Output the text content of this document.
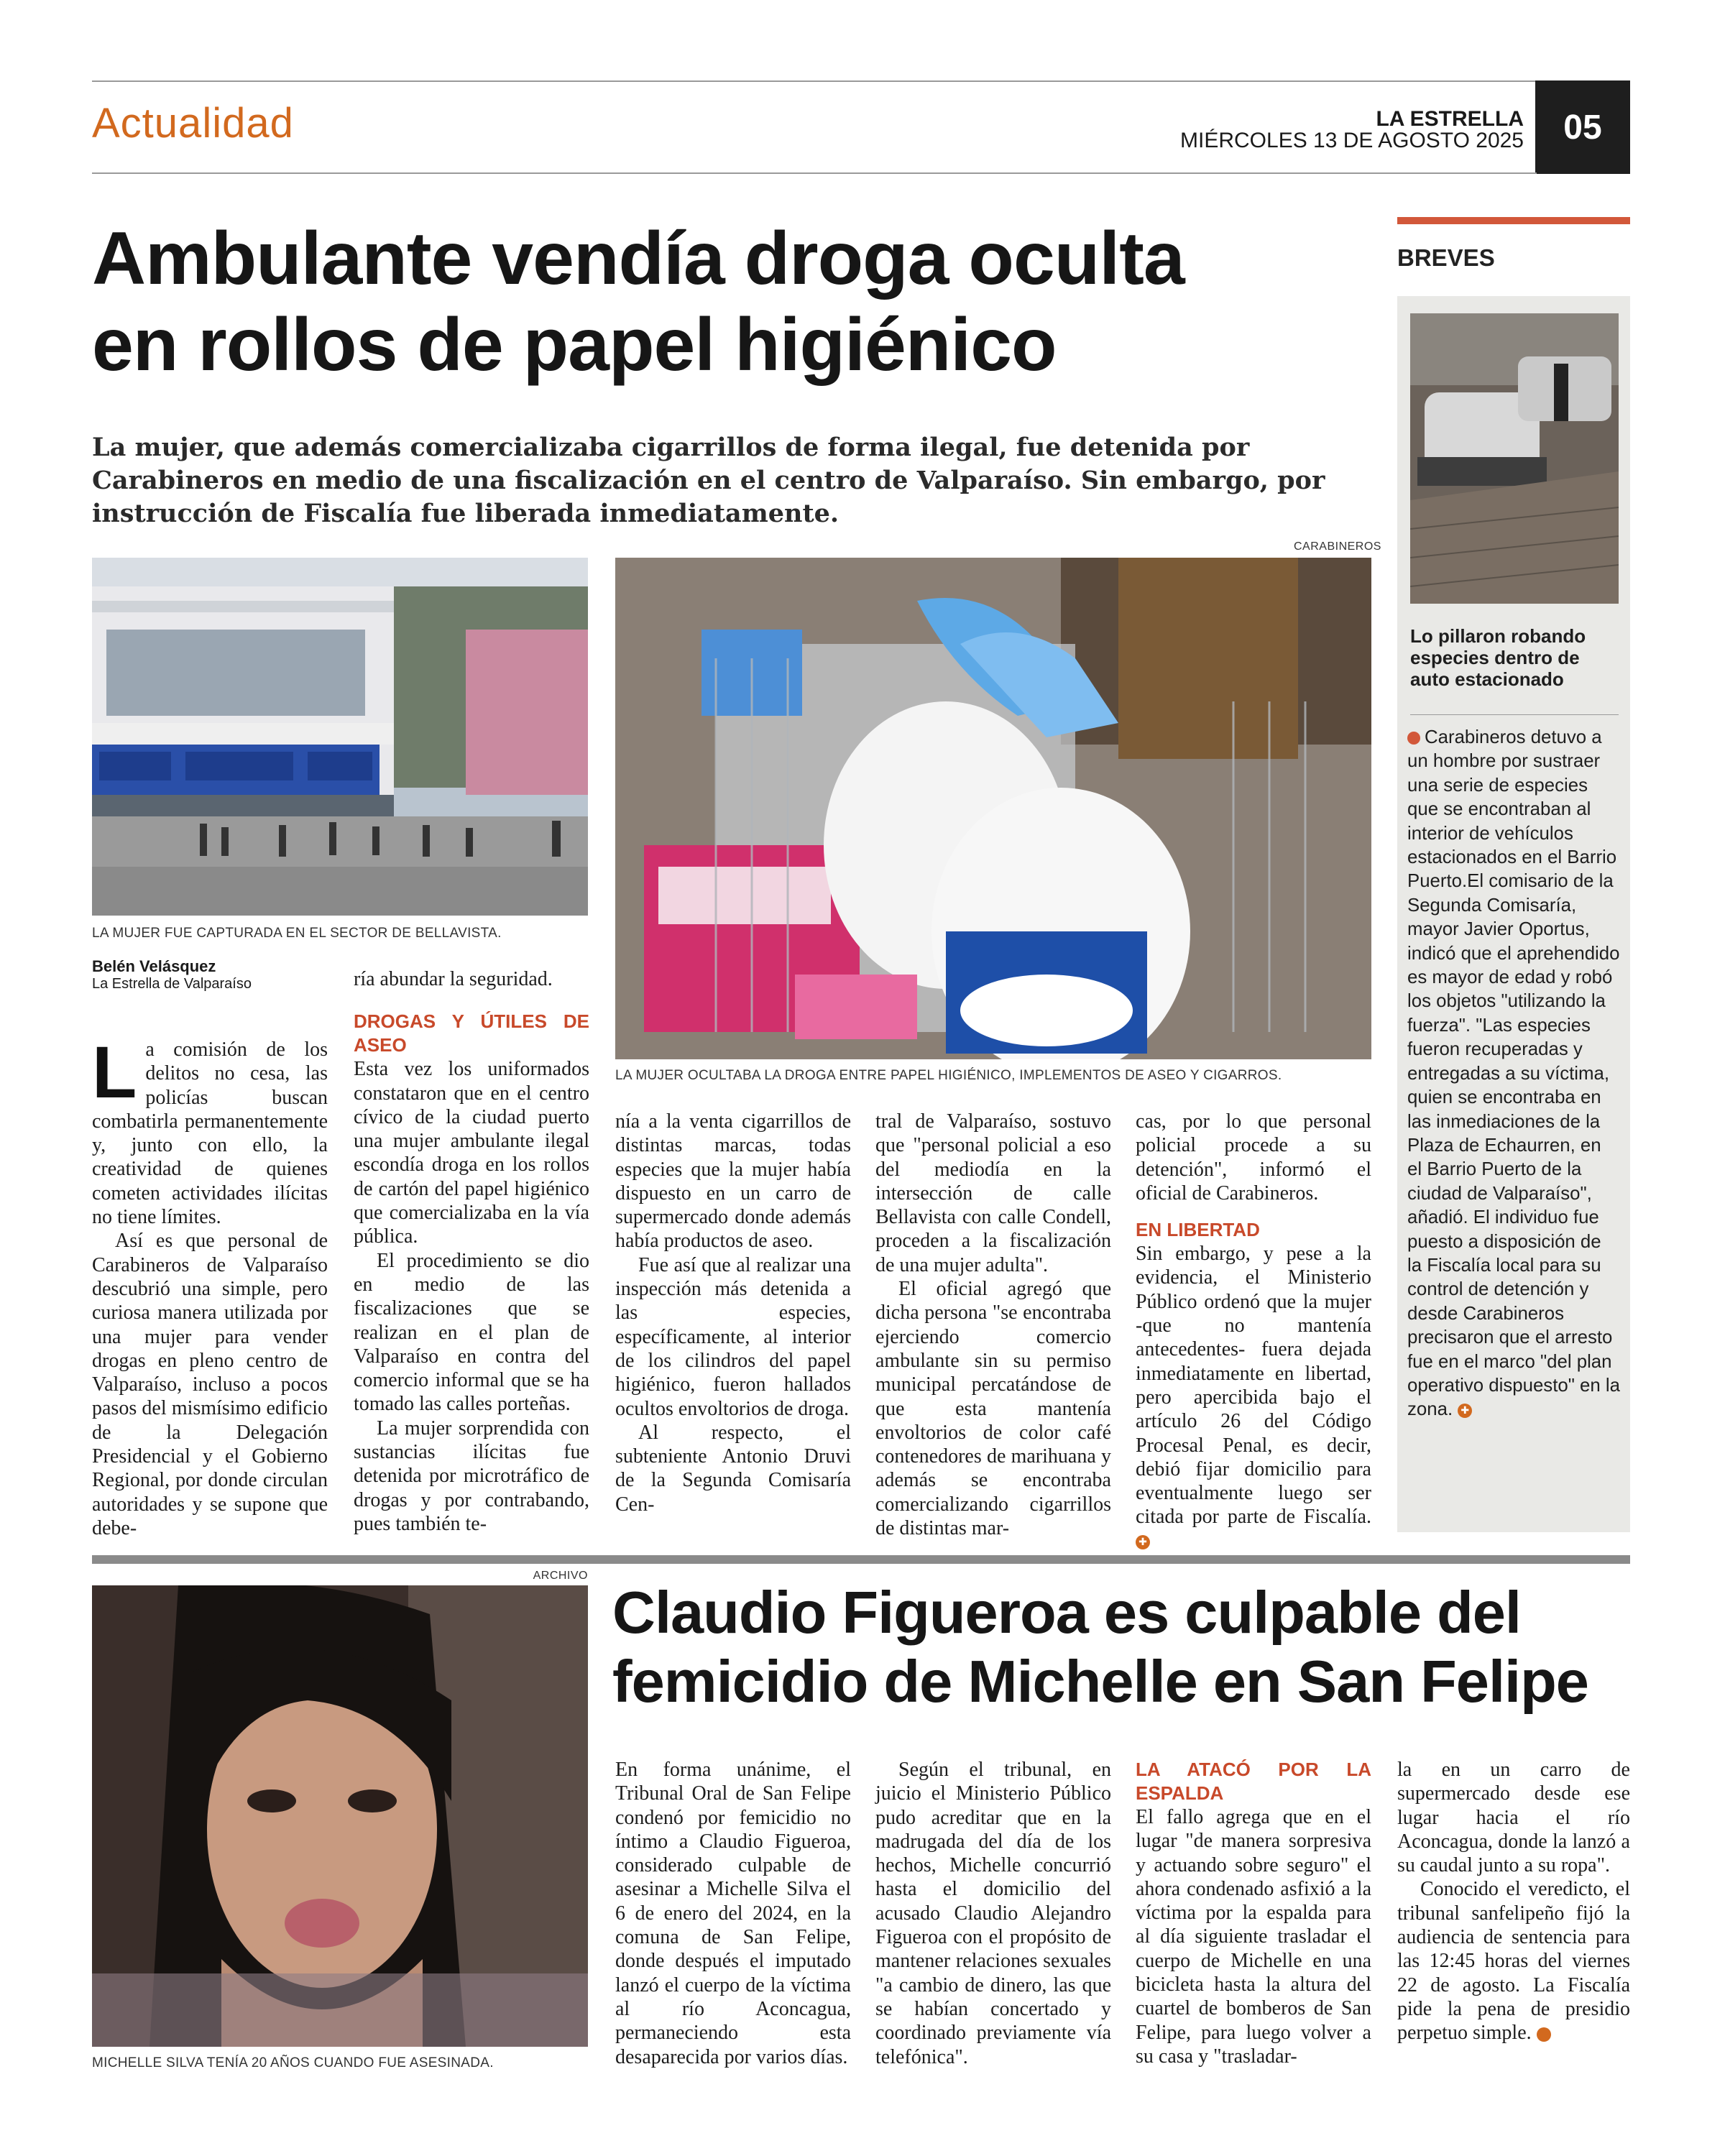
Actualidad	LA ESTRELLA
MIÉRCOLES 13 DE AGOSTO 2025	05
Ambulante vendía droga oculta
en rollos de papel higiénico

La mujer, que además comercializaba cigarrillos de forma ilegal, fue detenida por Carabineros en medio de una fiscalización en el centro de Valparaíso. Sin embargo, por instrucción de Fiscalía fue liberada inmediatamente.

LA MUJER FUE CAPTURADA EN EL SECTOR DE BELLAVISTA.
CARABINEROS
LA MUJER OCULTABA LA DROGA ENTRE PAPEL HIGIÉNICO, IMPLEMENTOS DE ASEO Y CIGARROS.
Belén Velásquez
La Estrella de Valparaíso

La comisión de los delitos no cesa, las policías buscan combatirla permanentemente y, junto con ello, la creatividad de quienes cometen actividades ilícitas no tiene límites.

Así es que personal de Carabineros de Valparaíso descubrió una simple, pero curiosa manera utilizada por una mujer para vender drogas en pleno centro de Valparaíso, incluso a pocos pasos del mismísimo edificio de la Delegación Presidencial y el Gobierno Regional, por donde circulan autoridades y se supone que debe-

ría abundar la seguridad.

DROGAS Y ÚTILES DE ASEO

Esta vez los uniformados constataron que en el centro cívico de la ciudad puerto una mujer ambulante ilegal escondía droga en los rollos de cartón del papel higiénico que comercializaba en la vía pública.

El procedimiento se dio en medio de las fiscalizaciones que se realizan en el plan de Valparaíso en contra del comercio informal que se ha tomado las calles porteñas.

La mujer sorprendida con sustancias ilícitas fue detenida por microtráfico de drogas y por contrabando, pues también te-

nía a la venta cigarrillos de distintas marcas, todas especies que la mujer había dispuesto en un carro de supermercado donde además había productos de aseo.

Fue así que al realizar una inspección más detenida a las especies, específicamente, al interior de los cilindros del papel higiénico, fueron hallados ocultos envoltorios de droga.

Al respecto, el subteniente Antonio Druvi de la Segunda Comisaría Cen-

tral de Valparaíso, sostuvo que "personal policial a eso del mediodía en la intersección de calle Bellavista con calle Condell, proceden a la fiscalización de una mujer adulta".

El oficial agregó que dicha persona "se encontraba ejerciendo comercio ambulante sin su permiso municipal percatándose de que esta mantenía envoltorios de color café contenedores de marihuana y además se encontraba comercializando cigarrillos de distintas mar-

cas, por lo que personal policial procede a su detención", informó el oficial de Carabineros.

EN LIBERTAD

Sin embargo, y pese a la evidencia, el Ministerio Público ordenó que la mujer -que no mantenía antecedentes- fuera dejada inmediatamente en libertad, pero apercibida bajo el artículo 26 del Código Procesal Penal, es decir, debió fijar domicilio para eventualmente luego ser citada por parte de Fiscalía. ✚

BREVES
Lo pillaron robando especies dentro de auto estacionado
Carabineros detuvo a un hombre por sustraer una serie de especies que se encontraban al interior de vehículos estacionados en el Barrio Puerto.El comisario de la Segunda Comisaría, mayor Javier Oportus, indicó que el aprehendido es mayor de edad y robó los objetos "utilizando la fuerza". "Las especies fueron recuperadas y entregadas a su víctima, quien se encontraba en las inmediaciones de la Plaza de Echaurren, en el Barrio Puerto de la ciudad de Valparaíso", añadió. El individuo fue puesto a disposición de la Fiscalía local para su control de detención y desde Carabineros precisaron que el arresto fue en el marco "del plan operativo dispuesto" en la zona. ✚
ARCHIVO
MICHELLE SILVA TENÍA 20 AÑOS CUANDO FUE ASESINADA.
Claudio Figueroa es culpable del
femicidio de Michelle en San Felipe

En forma unánime, el Tribunal Oral de San Felipe condenó por femicidio no íntimo a Claudio Figueroa, considerado culpable de asesinar a Michelle Silva el 6 de enero del 2024, en la comuna de San Felipe, donde después el imputado lanzó el cuerpo de la víctima al río Aconcagua, permaneciendo esta desaparecida por varios días.

Según el tribunal, en juicio el Ministerio Público pudo acreditar que en la madrugada del día de los hechos, Michelle concurrió hasta el domicilio del acusado Claudio Alejandro Figueroa con el propósito de mantener relaciones sexuales "a cambio de dinero, las que se habían concertado y coordinado previamente vía telefónica".

LA ATACÓ POR LA ESPALDA

El fallo agrega que en el lugar "de manera sorpresiva y actuando sobre seguro" el ahora condenado asfixió a la víctima por la espalda para al día siguiente trasladar el cuerpo de Michelle en una bicicleta hasta la altura del cuartel de bomberos de San Felipe, para luego volver a su casa y "trasladar-

la en un carro de supermercado desde ese lugar hacia el río Aconcagua, donde la lanzó a su caudal junto a su ropa".

Conocido el veredicto, el tribunal sanfelipeño fijó la audiencia de sentencia para las 12:45 horas del viernes 22 de agosto. La Fiscalía pide la pena de presidio perpetuo simple.	✚
